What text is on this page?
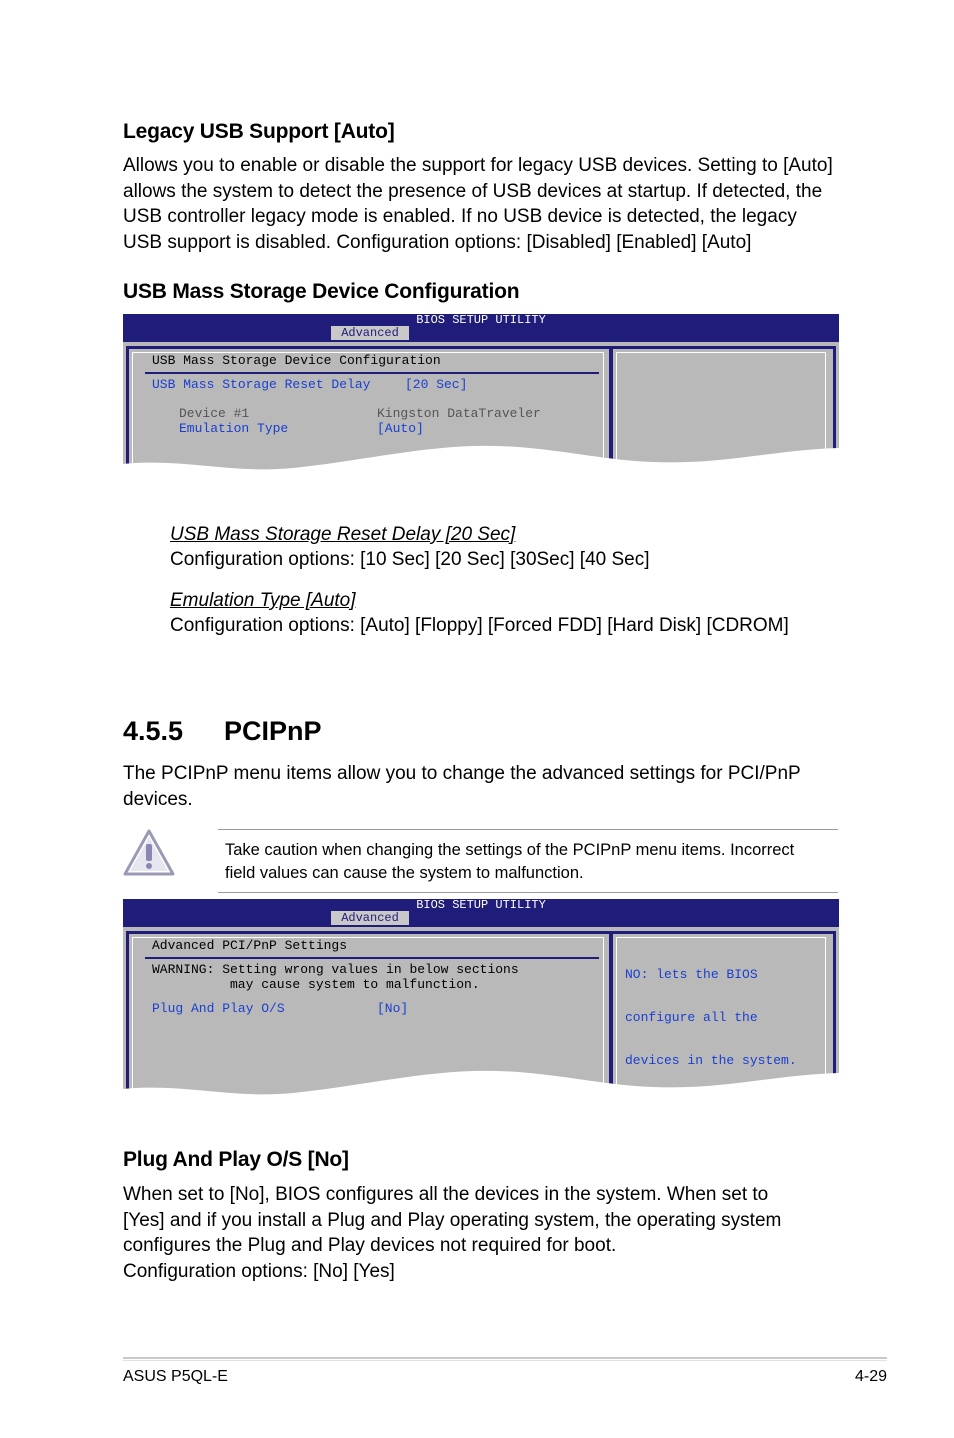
Legacy USB Support [Auto]
Allows you to enable or disable the support for legacy USB devices. Setting to [Auto]
allows the system to detect the presence of USB devices at startup. If detected, the
USB controller legacy mode is enabled. If no USB device is detected, the legacy
USB support is disabled. Configuration options: [Disabled] [Enabled] [Auto]
USB Mass Storage Device Configuration
BIOS SETUP UTILITY
Advanced
USB Mass Storage Device Configuration
USB Mass Storage Reset Delay	[20 Sec]
Device #1	Kingston DataTraveler
Emulation Type	[Auto]
USB Mass Storage Reset Delay [20 Sec]
Configuration options: [10 Sec] [20 Sec] [30Sec] [40 Sec]
Emulation Type [Auto]
Configuration options: [Auto] [Floppy] [Forced FDD] [Hard Disk] [CDROM]
4.5.5 PCIPnP
The PCIPnP menu items allow you to change the advanced settings for PCI/PnP
devices.
Take caution when changing the settings of the PCIPnP menu items. Incorrect
field values can cause the system to malfunction.
BIOS SETUP UTILITY
Advanced
Advanced PCI/PnP Settings
WARNING: Setting wrong values in below sections
may cause system to malfunction.
Plug And Play O/S	[No]

NO: lets the BIOS

configure all the

devices in the system.

Plug And Play O/S [No]
When set to [No], BIOS configures all the devices in the system. When set to
[Yes] and if you install a Plug and Play operating system, the operating system
configures the Plug and Play devices not required for boot.
Configuration options: [No] [Yes]
ASUS P5QL-E	4-29
